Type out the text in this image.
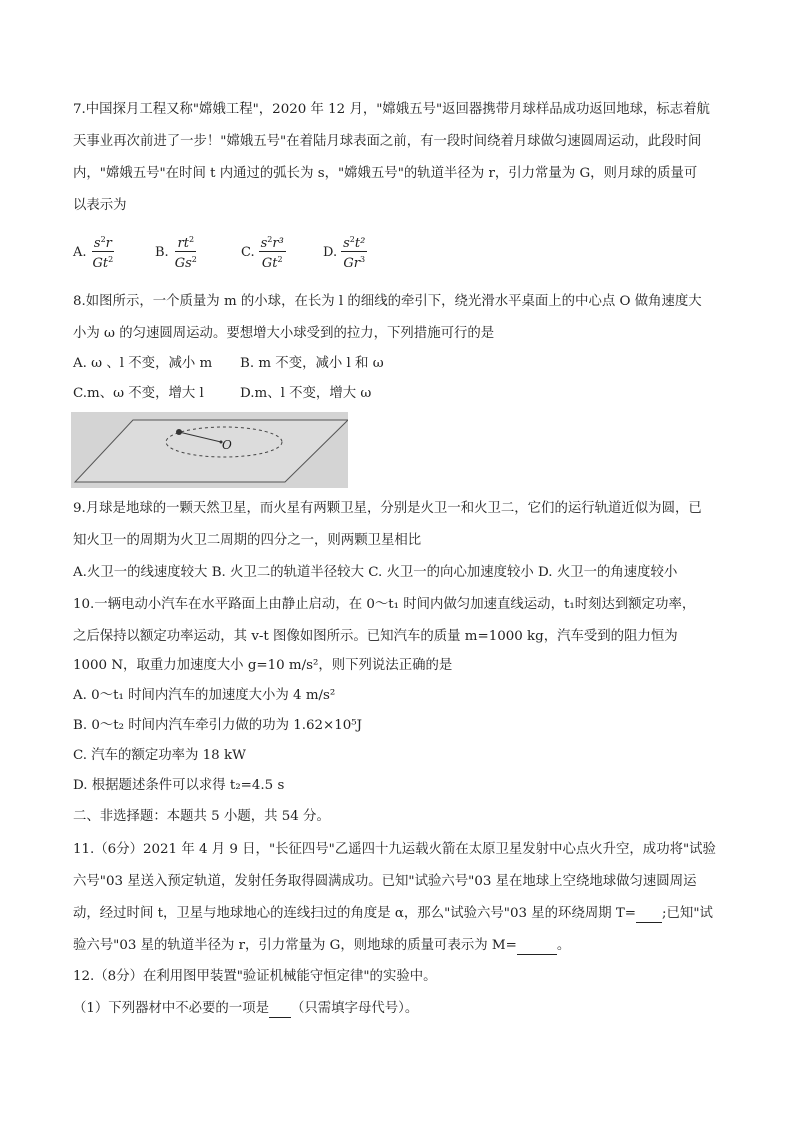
7.中国探月工程又称"嫦娥工程"，2020 年 12 月，"嫦娥五号"返回器携带月球样品成功返回地球，标志着航
天事业再次前进了一步！"嫦娥五号"在着陆月球表面之前，有一段时间绕着月球做匀速圆周运动，此段时间
内，"嫦娥五号"在时间 t 内通过的弧长为 s，"嫦娥五号"的轨道半径为 r，引力常量为 G，则月球的质量可
以表示为
A. $\frac{s^2r}{Gt^2}$	B. $\frac{rt^2}{Gs^2}$	C. $\frac{s^2r^3}{Gt^2}$	D. $\frac{s^2t^2}{Gr^3}$
8.如图所示，一个质量为 m 的小球，在长为 l 的细线的牵引下，绕光滑水平桌面上的中心点 O 做角速度大
小为 ω 的匀速圆周运动。要想增大小球受到的拉力，下列措施可行的是
A. ω 、l 不变，减小 m B. m 不变，减小 l 和 ω
C.m、ω 不变，增大 l	D.m、l 不变，增大 ω
O
9.月球是地球的一颗天然卫星，而火星有两颗卫星，分别是火卫一和火卫二，它们的运行轨道近似为圆，已
知火卫一的周期为火卫二周期的四分之一，则两颗卫星相比
A.火卫一的线速度较大 B. 火卫二的轨道半径较大 C. 火卫一的向心加速度较小 D. 火卫一的角速度较小
10.一辆电动小汽车在水平路面上由静止启动，在 0～t₁ 时间内做匀加速直线运动，t₁时刻达到额定功率，
之后保持以额定功率运动，其 v-t 图像如图所示。已知汽车的质量 m=1000 kg，汽车受到的阻力恒为
1000 N，取重力加速度大小 g=10 m/s²，则下列说法正确的是
A. 0～t₁ 时间内汽车的加速度大小为 4 m/s²
B. 0～t₂ 时间内汽车牵引力做的功为 1.62×10⁵J
C. 汽车的额定功率为 18 kW
D. 根据题述条件可以求得 t₂=4.5 s
二、非选择题：本题共 5 小题，共 54 分。
11.（6分）2021 年 4 月 9 日，"长征四号"乙遥四十九运载火箭在太原卫星发射中心点火升空，成功将"试验
六号"03 星送入预定轨道，发射任务取得圆满成功。已知"试验六号"03 星在地球上空绕地球做匀速圆周运
动，经过时间 t，卫星与地球地心的连线扫过的角度是 α，那么"试验六号"03 星的环绕周期 T= ;已知"试
验六号"03 星的轨道半径为 r，引力常量为 G，则地球的质量可表示为 M=	。
12.（8分）在利用图甲装置"验证机械能守恒定律"的实验中。
（1）下列器材中不必要的一项是 （只需填字母代号）。
